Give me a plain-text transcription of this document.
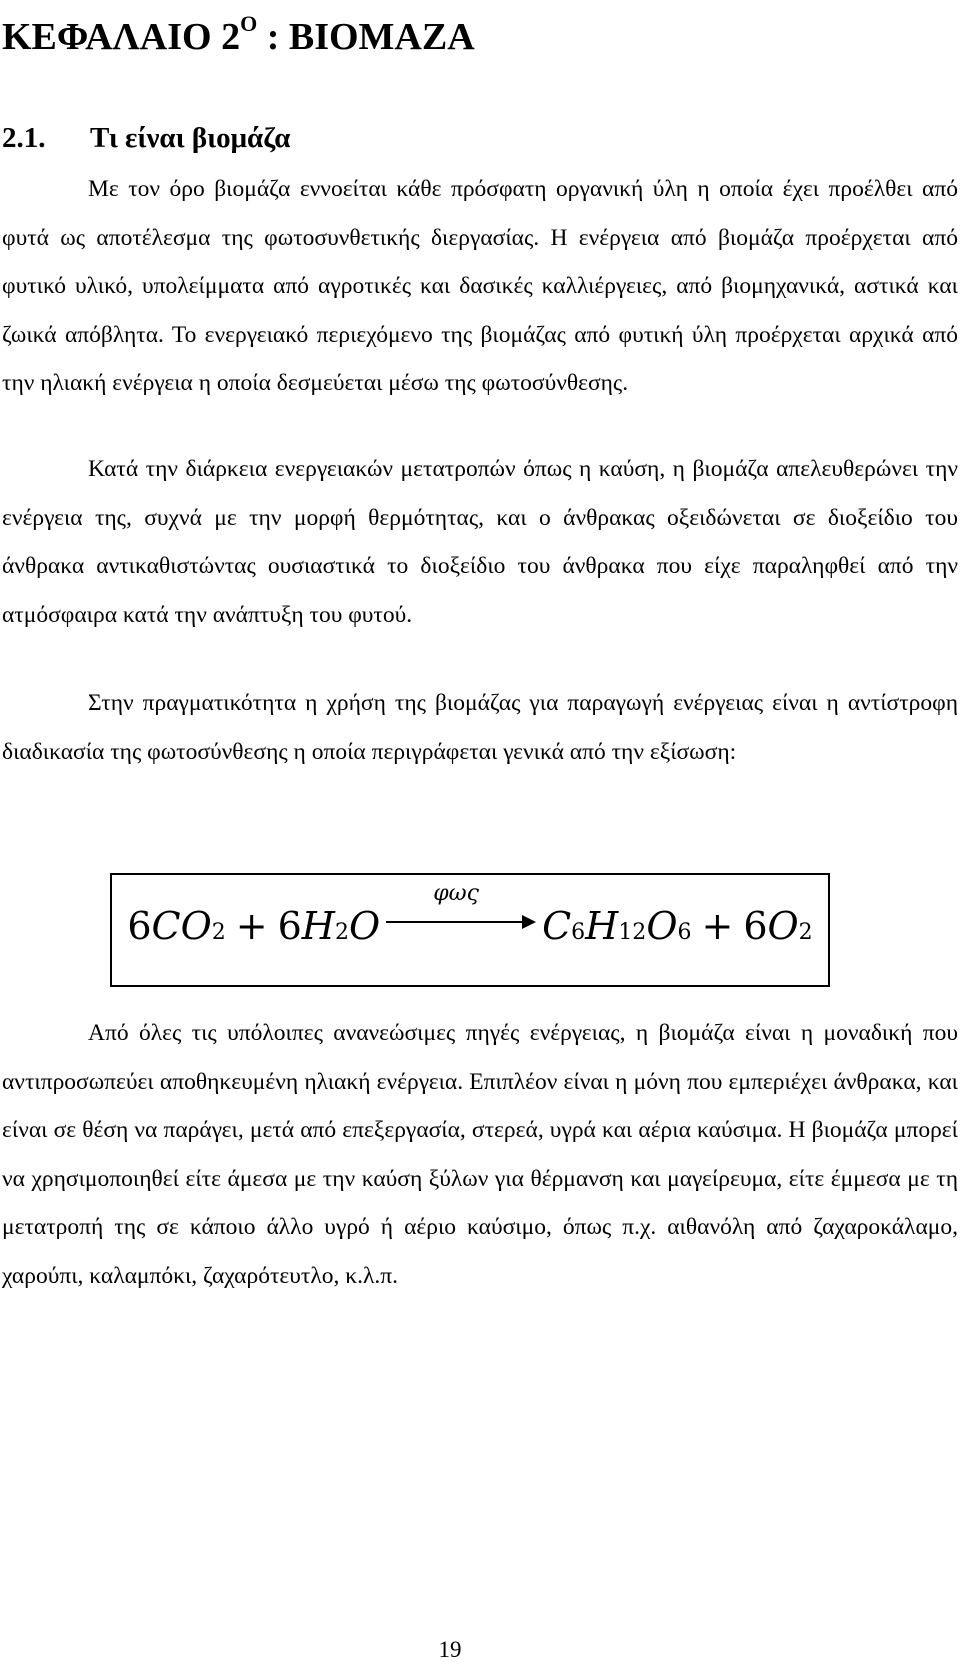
ΚΕΦΑΛΑΙΟ $2^O$ : ΒΙΟΜΑΖΑ
2.1. Τι είναι βιομάζα

Με τον όρο βιομάζα εννοείται κάθε πρόσφατη οργανική ύλη η οποία έχει προέλθει από φυτά ως αποτέλεσμα της φωτοσυνθετικής διεργασίας. Η ενέργεια από βιομάζα προέρχεται από φυτικό υλικό, υπολείμματα από αγροτικές και δασικές καλλιέργειες, από βιομηχανικά, αστικά και ζωικά απόβλητα. Το ενεργειακό περιεχόμενο της βιομάζας από φυτική ύλη προέρχεται αρχικά από την ηλιακή ενέργεια η οποία δεσμεύεται μέσω της φωτοσύνθεσης.

Κατά την διάρκεια ενεργειακών μετατροπών όπως η καύση, η βιομάζα απελευθερώνει την ενέργεια της, συχνά με την μορφή θερμότητας, και ο άνθρακας οξειδώνεται σε διοξείδιο του άνθρακα αντικαθιστώντας ουσιαστικά το διοξείδιο του άνθρακα που είχε παραληφθεί από την ατμόσφαιρα κατά την ανάπτυξη του φυτού.

Στην πραγματικότητα η χρήση της βιομάζας για παραγωγή ενέργειας είναι η αντίστροφη διαδικασία της φωτοσύνθεσης η οποία περιγράφεται γενικά από την εξίσωση:

6 CO 2 + 6 H 2 O
φως
C 6 H 12 O 6 + 6 O 2

Από όλες τις υπόλοιπες ανανεώσιμες πηγές ενέργειας, η βιομάζα είναι η μοναδική που αντιπροσωπεύει αποθηκευμένη ηλιακή ενέργεια. Επιπλέον είναι η μόνη που εμπεριέχει άνθρακα, και είναι σε θέση να παράγει, μετά από επεξεργασία, στερεά, υγρά και αέρια καύσιμα. Η βιομάζα μπορεί να χρησιμοποιηθεί είτε άμεσα με την καύση ξύλων για θέρμανση και μαγείρευμα, είτε έμμεσα με τη μετατροπή της σε κάποιο άλλο υγρό ή αέριο καύσιμο, όπως π.χ. αιθανόλη από ζαχαροκάλαμο, χαρούπι, καλαμπόκι, ζαχαρότευτλο, κ.λ.π.

19
